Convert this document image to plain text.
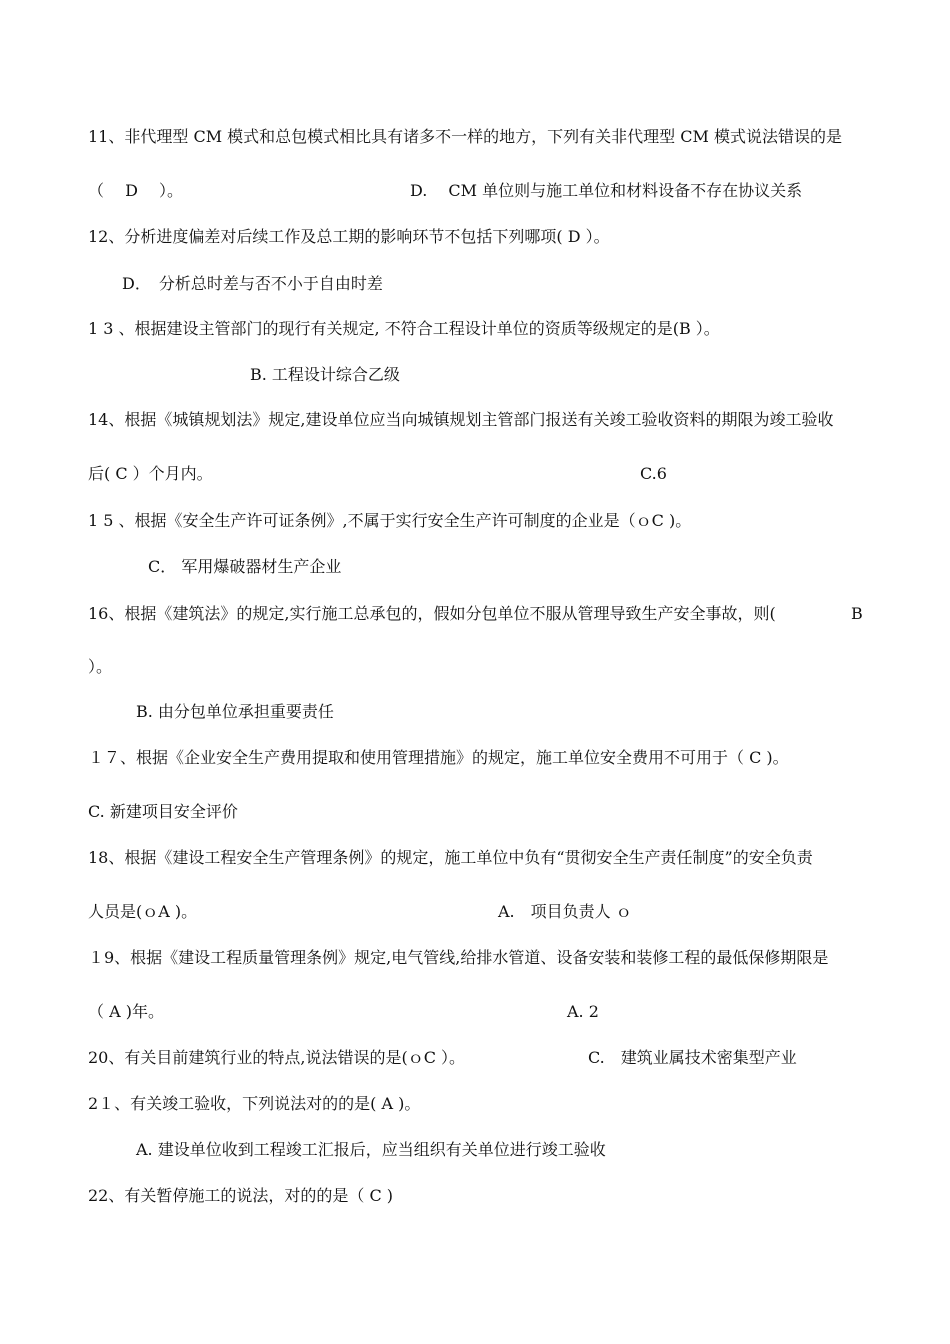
11、非代理型 CM 模式和总包模式相比具有诸多不一样的地方，下列有关非代理型 CM 模式说法错误的是
（　 D　 ）。	D.　 CM 单位则与施工单位和材料设备不存在协议关系
12、分析进度偏差对后续工作及总工期的影响环节不包括下列哪项( D ）。
D．　分析总时差与否不小于自由时差
1 3 、根据建设主管部门的现行有关规定, 不符合工程设计单位的资质等级规定的是(B ）。
B. 工程设计综合乙级
14、根据《城镇规划法》规定,建设单位应当向城镇规划主管部门报送有关竣工验收资料的期限为竣工验收
后( C ）个月内。	C.6
1 5 、根据《安全生产许可证条例》,不属于实行安全生产许可制度的企业是（ｏC )。
C． 军用爆破器材生产企业
16、根据《建筑法》的规定,实行施工总承包的，假如分包单位不服从管理导致生产安全事故，则(	B
）。
B. 由分包单位承担重要责任
１７、根据《企业安全生产费用提取和使用管理措施》的规定，施工单位安全费用不可用于（ C )。
C. 新建项目安全评价
18、根据《建设工程安全生产管理条例》的规定，施工单位中负有“贯彻安全生产责任制度”的安全负责
人员是(ｏA )。	A.　项目负责人 ｏ
１9、根据《建设工程质量管理条例》规定,电气管线,给排水管道、设备安装和装修工程的最低保修期限是
（ A )年。	A. 2
20、有关目前建筑行业的特点,说法错误的是(ｏC ）。	C.　建筑业属技术密集型产业
2１、有关竣工验收，下列说法对的的是( A )。
A. 建设单位收到工程竣工汇报后，应当组织有关单位进行竣工验收
22、有关暂停施工的说法，对的的是（ C )
